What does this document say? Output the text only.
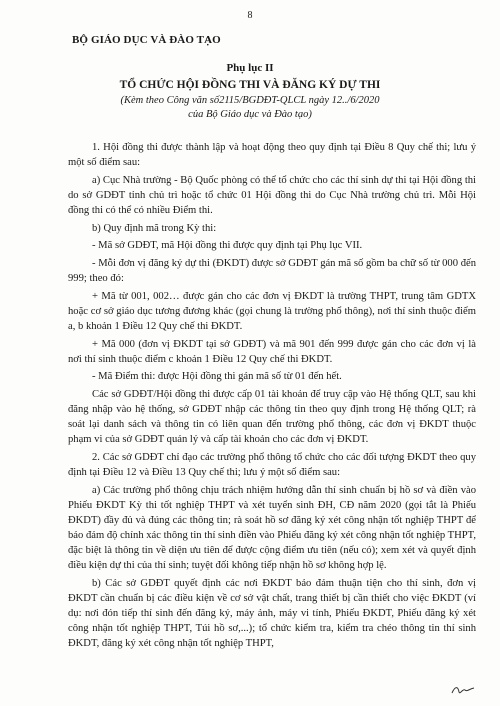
8
BỘ GIÁO DỤC VÀ ĐÀO TẠO
Phụ lục II
TỔ CHỨC HỘI ĐỒNG THI VÀ ĐĂNG KÝ DỰ THI
(Kèm theo Công văn số2115/BGDĐT-QLCL ngày 12../6/2020
của Bộ Giáo dục và Đào tạo)

1. Hội đồng thi được thành lập và hoạt động theo quy định tại Điều 8 Quy chế thi; lưu ý một số điểm sau:

a) Cục Nhà trường - Bộ Quốc phòng có thể tổ chức cho các thí sinh dự thi tại Hội đồng thi do sở GDĐT tỉnh chủ trì hoặc tổ chức 01 Hội đồng thi do Cục Nhà trường chủ trì. Mỗi Hội đồng thi có thể có nhiều Điểm thi.

b) Quy định mã trong Kỳ thi:

- Mã sở GDĐT, mã Hội đồng thi được quy định tại Phụ lục VII.

- Mỗi đơn vị đăng ký dự thi (ĐKDT) được sở GDĐT gán mã số gồm ba chữ số từ 000 đến 999; theo đó:

+ Mã từ 001, 002… được gán cho các đơn vị ĐKDT là trường THPT, trung tâm GDTX hoặc cơ sở giáo dục tương đương khác (gọi chung là trường phổ thông), nơi thí sinh thuộc điểm a, b khoản 1 Điều 12 Quy chế thi ĐKDT.

+ Mã 000 (đơn vị ĐKDT tại sở GDĐT) và mã 901 đến 999 được gán cho các đơn vị là nơi thí sinh thuộc điểm c khoản 1 Điều 12 Quy chế thi ĐKDT.

- Mã Điểm thi: được Hội đồng thi gán mã số từ 01 đến hết.

Các sở GDĐT/Hội đồng thi được cấp 01 tài khoản để truy cập vào Hệ thống QLT, sau khi đăng nhập vào hệ thống, sở GDĐT nhập các thông tin theo quy định trong Hệ thống QLT; rà soát lại danh sách và thông tin có liên quan đến trường phổ thông, các đơn vị ĐKDT thuộc phạm vi của sở GDĐT quản lý và cấp tài khoản cho các đơn vị ĐKDT.

2. Các sở GDĐT chỉ đạo các trường phổ thông tổ chức cho các đối tượng ĐKDT theo quy định tại Điều 12 và Điều 13 Quy chế thi; lưu ý một số điểm sau:

a) Các trường phổ thông chịu trách nhiệm hướng dẫn thí sinh chuẩn bị hồ sơ và điền vào Phiếu ĐKDT Kỳ thi tốt nghiệp THPT và xét tuyển sinh ĐH, CĐ năm 2020 (gọi tắt là Phiếu ĐKDT) đầy đủ và đúng các thông tin; rà soát hồ sơ đăng ký xét công nhận tốt nghiệp THPT để bảo đảm độ chính xác thông tin thí sinh điền vào Phiếu đăng ký xét công nhận tốt nghiệp THPT, đặc biệt là thông tin về diện ưu tiên để được cộng điểm ưu tiên (nếu có); xem xét và quyết định điều kiện dự thi của thí sinh; tuyệt đối không tiếp nhận hồ sơ không hợp lệ.

b) Các sở GDĐT quyết định các nơi ĐKDT bảo đảm thuận tiện cho thí sinh, đơn vị ĐKDT cần chuẩn bị các điều kiện về cơ sở vật chất, trang thiết bị cần thiết cho việc ĐKDT (ví dụ: nơi đón tiếp thí sinh đến đăng ký, máy ảnh, máy vi tính, Phiếu ĐKDT, Phiếu đăng ký xét công nhận tốt nghiệp THPT, Túi hồ sơ,...); tổ chức kiểm tra, kiểm tra chéo thông tin thí sinh ĐKDT, đăng ký xét công nhận tốt nghiệp THPT,
